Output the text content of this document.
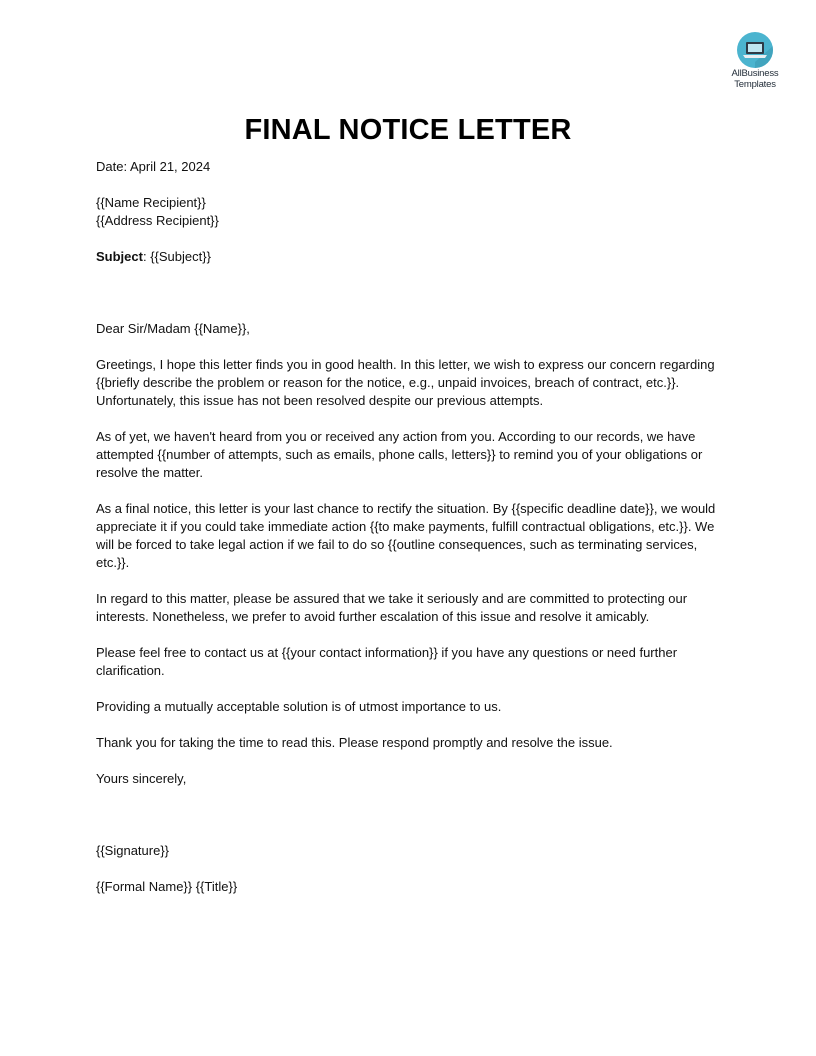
AllBusiness
Templates
FINAL NOTICE LETTER

Date: April 21, 2024

{{Name Recipient}}

{{Address Recipient}}

Subject: {{Subject}}

Dear Sir/Madam {{Name}},

Greetings, I hope this letter finds you in good health. In this letter, we wish to express our concern regarding {{briefly describe the problem or reason for the notice, e.g., unpaid invoices, breach of contract, etc.}}. Unfortunately, this issue has not been resolved despite our previous attempts.

As of yet, we haven't heard from you or received any action from you. According to our records, we have attempted {{number of attempts, such as emails, phone calls, letters}} to remind you of your obligations or resolve the matter.

As a final notice, this letter is your last chance to rectify the situation. By {{specific deadline date}}, we would appreciate it if you could take immediate action {{to make payments, fulfill contractual obligations, etc.}}. We will be forced to take legal action if we fail to do so {{outline consequences, such as terminating services, etc.}}.

In regard to this matter, please be assured that we take it seriously and are committed to protecting our interests. Nonetheless, we prefer to avoid further escalation of this issue and resolve it amicably.

Please feel free to contact us at {{your contact information}} if you have any questions or need further clarification.

Providing a mutually acceptable solution is of utmost importance to us.

Thank you for taking the time to read this. Please respond promptly and resolve the issue.

Yours sincerely,

{{Signature}}

{{Formal Name}} {{Title}}
